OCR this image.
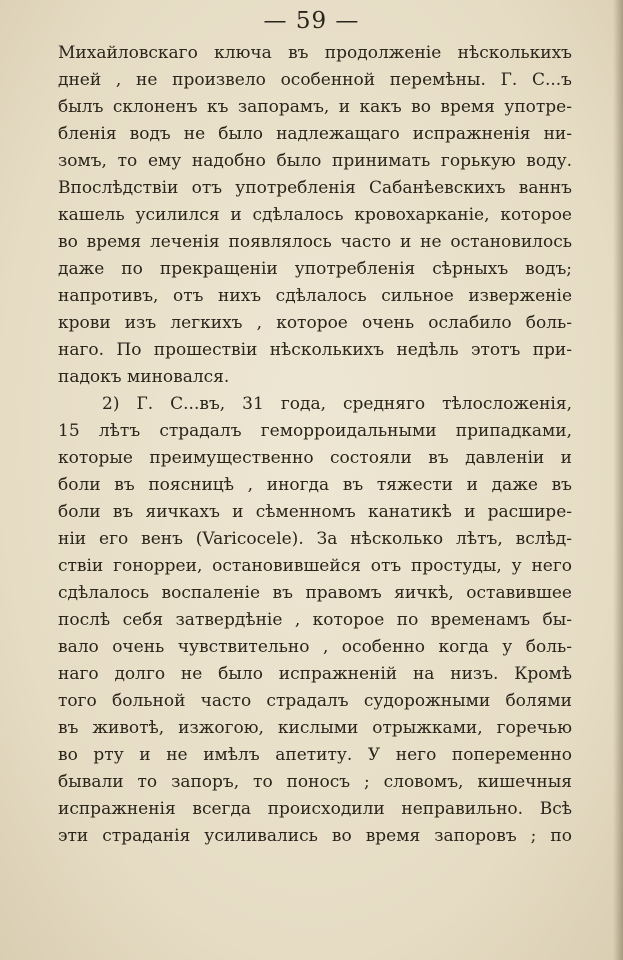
— 59 —
Михайловскаго ключа въ продолженіе нѣсколькихъ
дней , не произвело особенной перемѣны. Г. С...ъ
былъ склоненъ къ запорамъ, и какъ во время употре-
бленія водъ не было надлежащаго испражненія ни-
зомъ, то ему надобно было принимать горькую воду.
Впослѣдствіи отъ употребленія Сабанѣевскихъ ваннъ
кашель усилился и сдѣлалось кровохарканіе, которое
во время леченія появлялось часто и не остановилось
даже по прекращеніи употребленія сѣрныхъ водъ;
напротивъ, отъ нихъ сдѣлалось сильное изверженіе
крови изъ легкихъ , которое очень ослабило боль-
наго. По прошествіи нѣсколькихъ недѣль этотъ при-
падокъ миновался.
2) Г. С...въ, 31 года, средняго тѣлосложенія,
15 лѣтъ страдалъ геморроидальными припадками,
которые преимущественно состояли въ давленіи и
боли въ поясницѣ , иногда въ тяжести и даже въ
боли въ яичкахъ и сѣменномъ канатикѣ и расшире-
ніи его венъ (Varicocele). За нѣсколько лѣтъ, вслѣд-
ствіи гонорреи, остановившейся отъ простуды, у него
сдѣлалось воспаленіе въ правомъ яичкѣ, оставившее
послѣ себя затвердѣніе , которое по временамъ бы-
вало очень чувствительно , особенно когда у боль-
наго долго не было испражненій на низъ. Кромѣ
того больной часто страдалъ судорожными болями
въ животѣ, изжогою, кислыми отрыжками, горечью
во рту и не имѣлъ апетиту. У него попеременно
бывали то запоръ, то поносъ ; словомъ, кишечныя
испражненія всегда происходили неправильно. Всѣ
эти страданія усиливались во время запоровъ ; по
